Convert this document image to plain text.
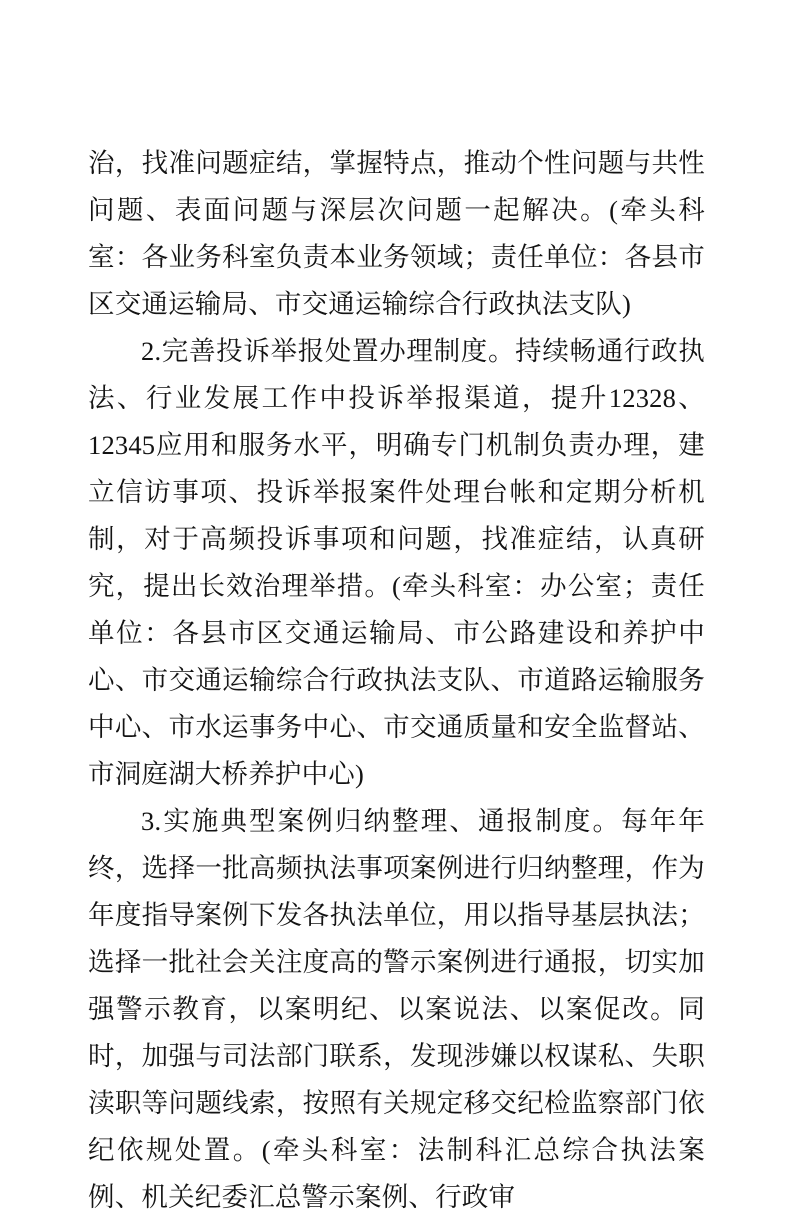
治，找准问题症结，掌握特点，推动个性问题与共性问题、表面问题与深层次问题一起解决。(牵头科室：各业务科室负责本业务领域；责任单位：各县市区交通运输局、市交通运输综合行政执法支队)

2.完善投诉举报处置办理制度。持续畅通行政执法、行业发展工作中投诉举报渠道，提升12328、12345应用和服务水平，明确专门机制负责办理，建立信访事项、投诉举报案件处理台帐和定期分析机制，对于高频投诉事项和问题，找准症结，认真研究，提出长效治理举措。(牵头科室：办公室；责任单位：各县市区交通运输局、市公路建设和养护中心、市交通运输综合行政执法支队、市道路运输服务中心、市水运事务中心、市交通质量和安全监督站、市洞庭湖大桥养护中心)

3.实施典型案例归纳整理、通报制度。每年年终，选择一批高频执法事项案例进行归纳整理，作为年度指导案例下发各执法单位，用以指导基层执法；选择一批社会关注度高的警示案例进行通报，切实加强警示教育，以案明纪、以案说法、以案促改。同时，加强与司法部门联系，发现涉嫌以权谋私、失职渎职等问题线索，按照有关规定移交纪检监察部门依纪依规处置。(牵头科室：法制科汇总综合执法案例、机关纪委汇总警示案例、行政审
